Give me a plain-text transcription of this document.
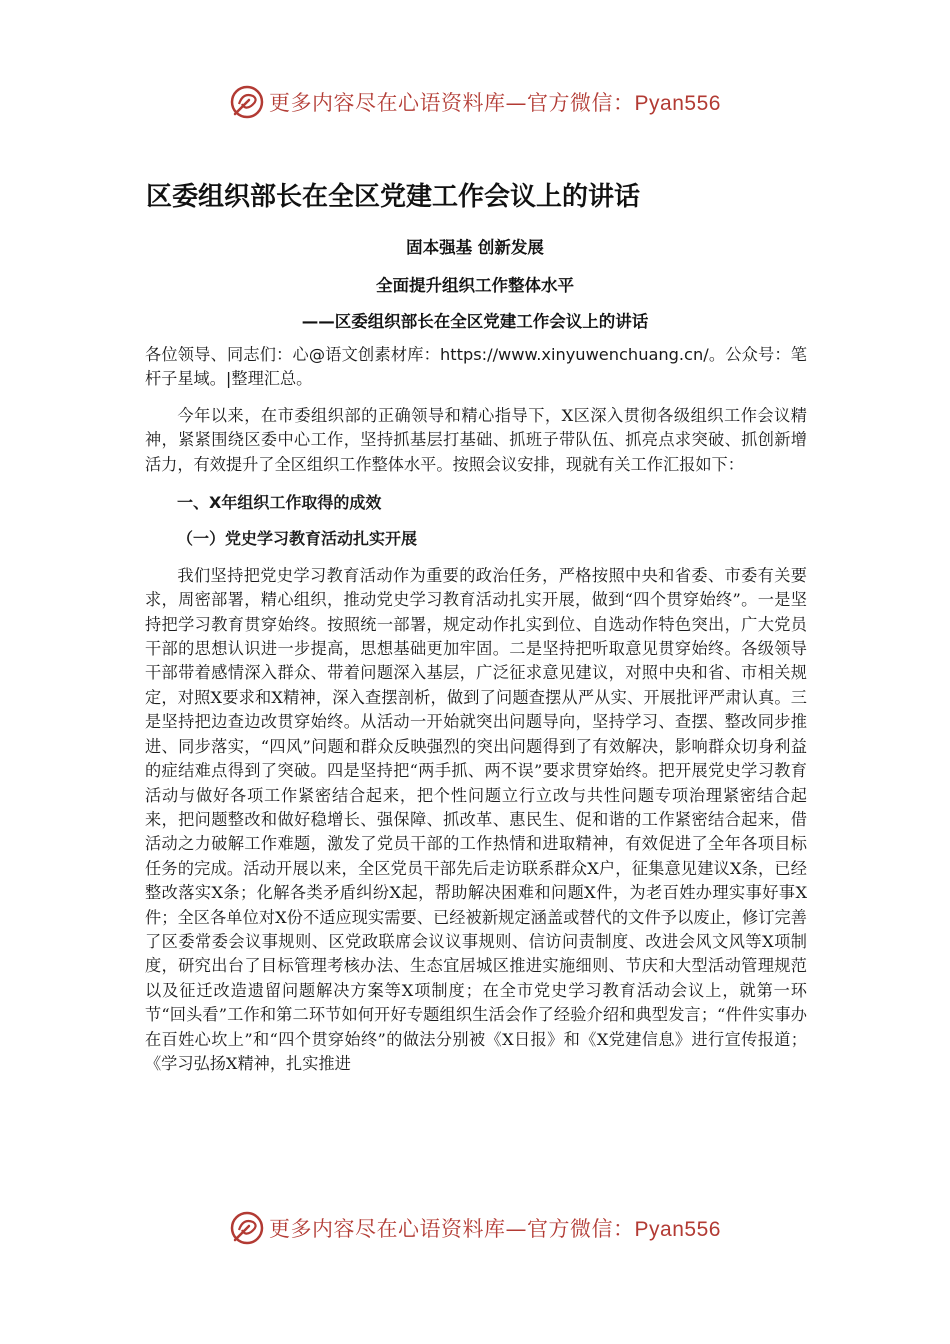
更多内容尽在心语资料库—官方微信：Pyan556
区委组织部长在全区党建工作会议上的讲话

固本强基 创新发展

全面提升组织工作整体水平

——区委组织部长在全区党建工作会议上的讲话

各位领导、同志们：心@语文创素材库：https://www.xinyuwenchuang.cn/。公众号：笔杆子星域。|整理汇总。

今年以来，在市委组织部的正确领导和精心指导下，X区深入贯彻各级组织工作会议精神，紧紧围绕区委中心工作，坚持抓基层打基础、抓班子带队伍、抓亮点求突破、抓创新增活力，有效提升了全区组织工作整体水平。按照会议安排，现就有关工作汇报如下：

一、X年组织工作取得的成效

（一）党史学习教育活动扎实开展

我们坚持把党史学习教育活动作为重要的政治任务，严格按照中央和省委、市委有关要求，周密部署，精心组织，推动党史学习教育活动扎实开展，做到“四个贯穿始终”。一是坚持把学习教育贯穿始终。按照统一部署，规定动作扎实到位、自选动作特色突出，广大党员干部的思想认识进一步提高，思想基础更加牢固。二是坚持把听取意见贯穿始终。各级领导干部带着感情深入群众、带着问题深入基层，广泛征求意见建议，对照中央和省、市相关规定，对照X要求和X精神，深入查摆剖析，做到了问题查摆从严从实、开展批评严肃认真。三是坚持把边查边改贯穿始终。从活动一开始就突出问题导向，坚持学习、查摆、整改同步推进、同步落实，“四风”问题和群众反映强烈的突出问题得到了有效解决，影响群众切身利益的症结难点得到了突破。四是坚持把“两手抓、两不误”要求贯穿始终。把开展党史学习教育活动与做好各项工作紧密结合起来，把个性问题立行立改与共性问题专项治理紧密结合起来，把问题整改和做好稳增长、强保障、抓改革、惠民生、促和谐的工作紧密结合起来，借活动之力破解工作难题，激发了党员干部的工作热情和进取精神，有效促进了全年各项目标任务的完成。活动开展以来，全区党员干部先后走访联系群众X户，征集意见建议X条，已经整改落实X条；化解各类矛盾纠纷X起，帮助解决困难和问题X件，为老百姓办理实事好事X件；全区各单位对X份不适应现实需要、已经被新规定涵盖或替代的文件予以废止，修订完善了区委常委会议事规则、区党政联席会议议事规则、信访问责制度、改进会风文风等X项制度，研究出台了目标管理考核办法、生态宜居城区推进实施细则、节庆和大型活动管理规范以及征迁改造遗留问题解决方案等X项制度；在全市党史学习教育活动会议上，就第一环节“回头看”工作和第二环节如何开好专题组织生活会作了经验介绍和典型发言；“件件实事办在百姓心坎上”和“四个贯穿始终”的做法分别被《X日报》和《X党建信息》进行宣传报道；《学习弘扬X精神，扎实推进

更多内容尽在心语资料库—官方微信：Pyan556
